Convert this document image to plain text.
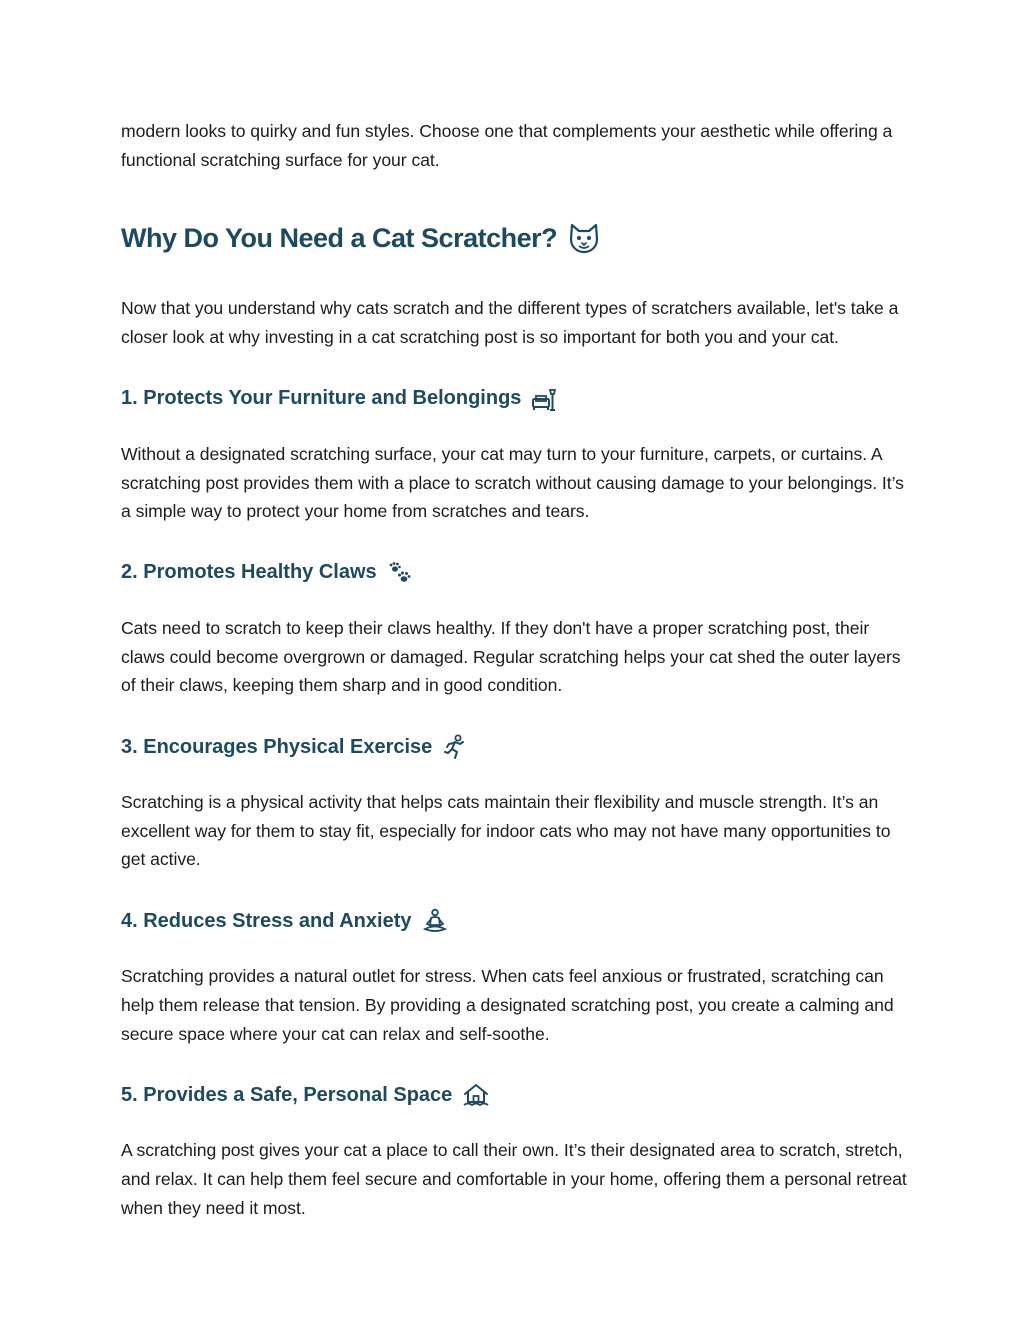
modern looks to quirky and fun styles. Choose one that complements your aesthetic while offering a functional scratching surface for your cat.

Why Do You Need a Cat Scratcher?

Now that you understand why cats scratch and the different types of scratchers available, let's take a closer look at why investing in a cat scratching post is so important for both you and your cat.

1. Protects Your Furniture and Belongings

Without a designated scratching surface, your cat may turn to your furniture, carpets, or curtains. A scratching post provides them with a place to scratch without causing damage to your belongings. It’s a simple way to protect your home from scratches and tears.

2. Promotes Healthy Claws

Cats need to scratch to keep their claws healthy. If they don't have a proper scratching post, their claws could become overgrown or damaged. Regular scratching helps your cat shed the outer layers of their claws, keeping them sharp and in good condition.

3. Encourages Physical Exercise

Scratching is a physical activity that helps cats maintain their flexibility and muscle strength. It’s an excellent way for them to stay fit, especially for indoor cats who may not have many opportunities to get active.

4. Reduces Stress and Anxiety

Scratching provides a natural outlet for stress. When cats feel anxious or frustrated, scratching can help them release that tension. By providing a designated scratching post, you create a calming and secure space where your cat can relax and self-soothe.

5. Provides a Safe, Personal Space

A scratching post gives your cat a place to call their own. It’s their designated area to scratch, stretch, and relax. It can help them feel secure and comfortable in your home, offering them a personal retreat when they need it most.
